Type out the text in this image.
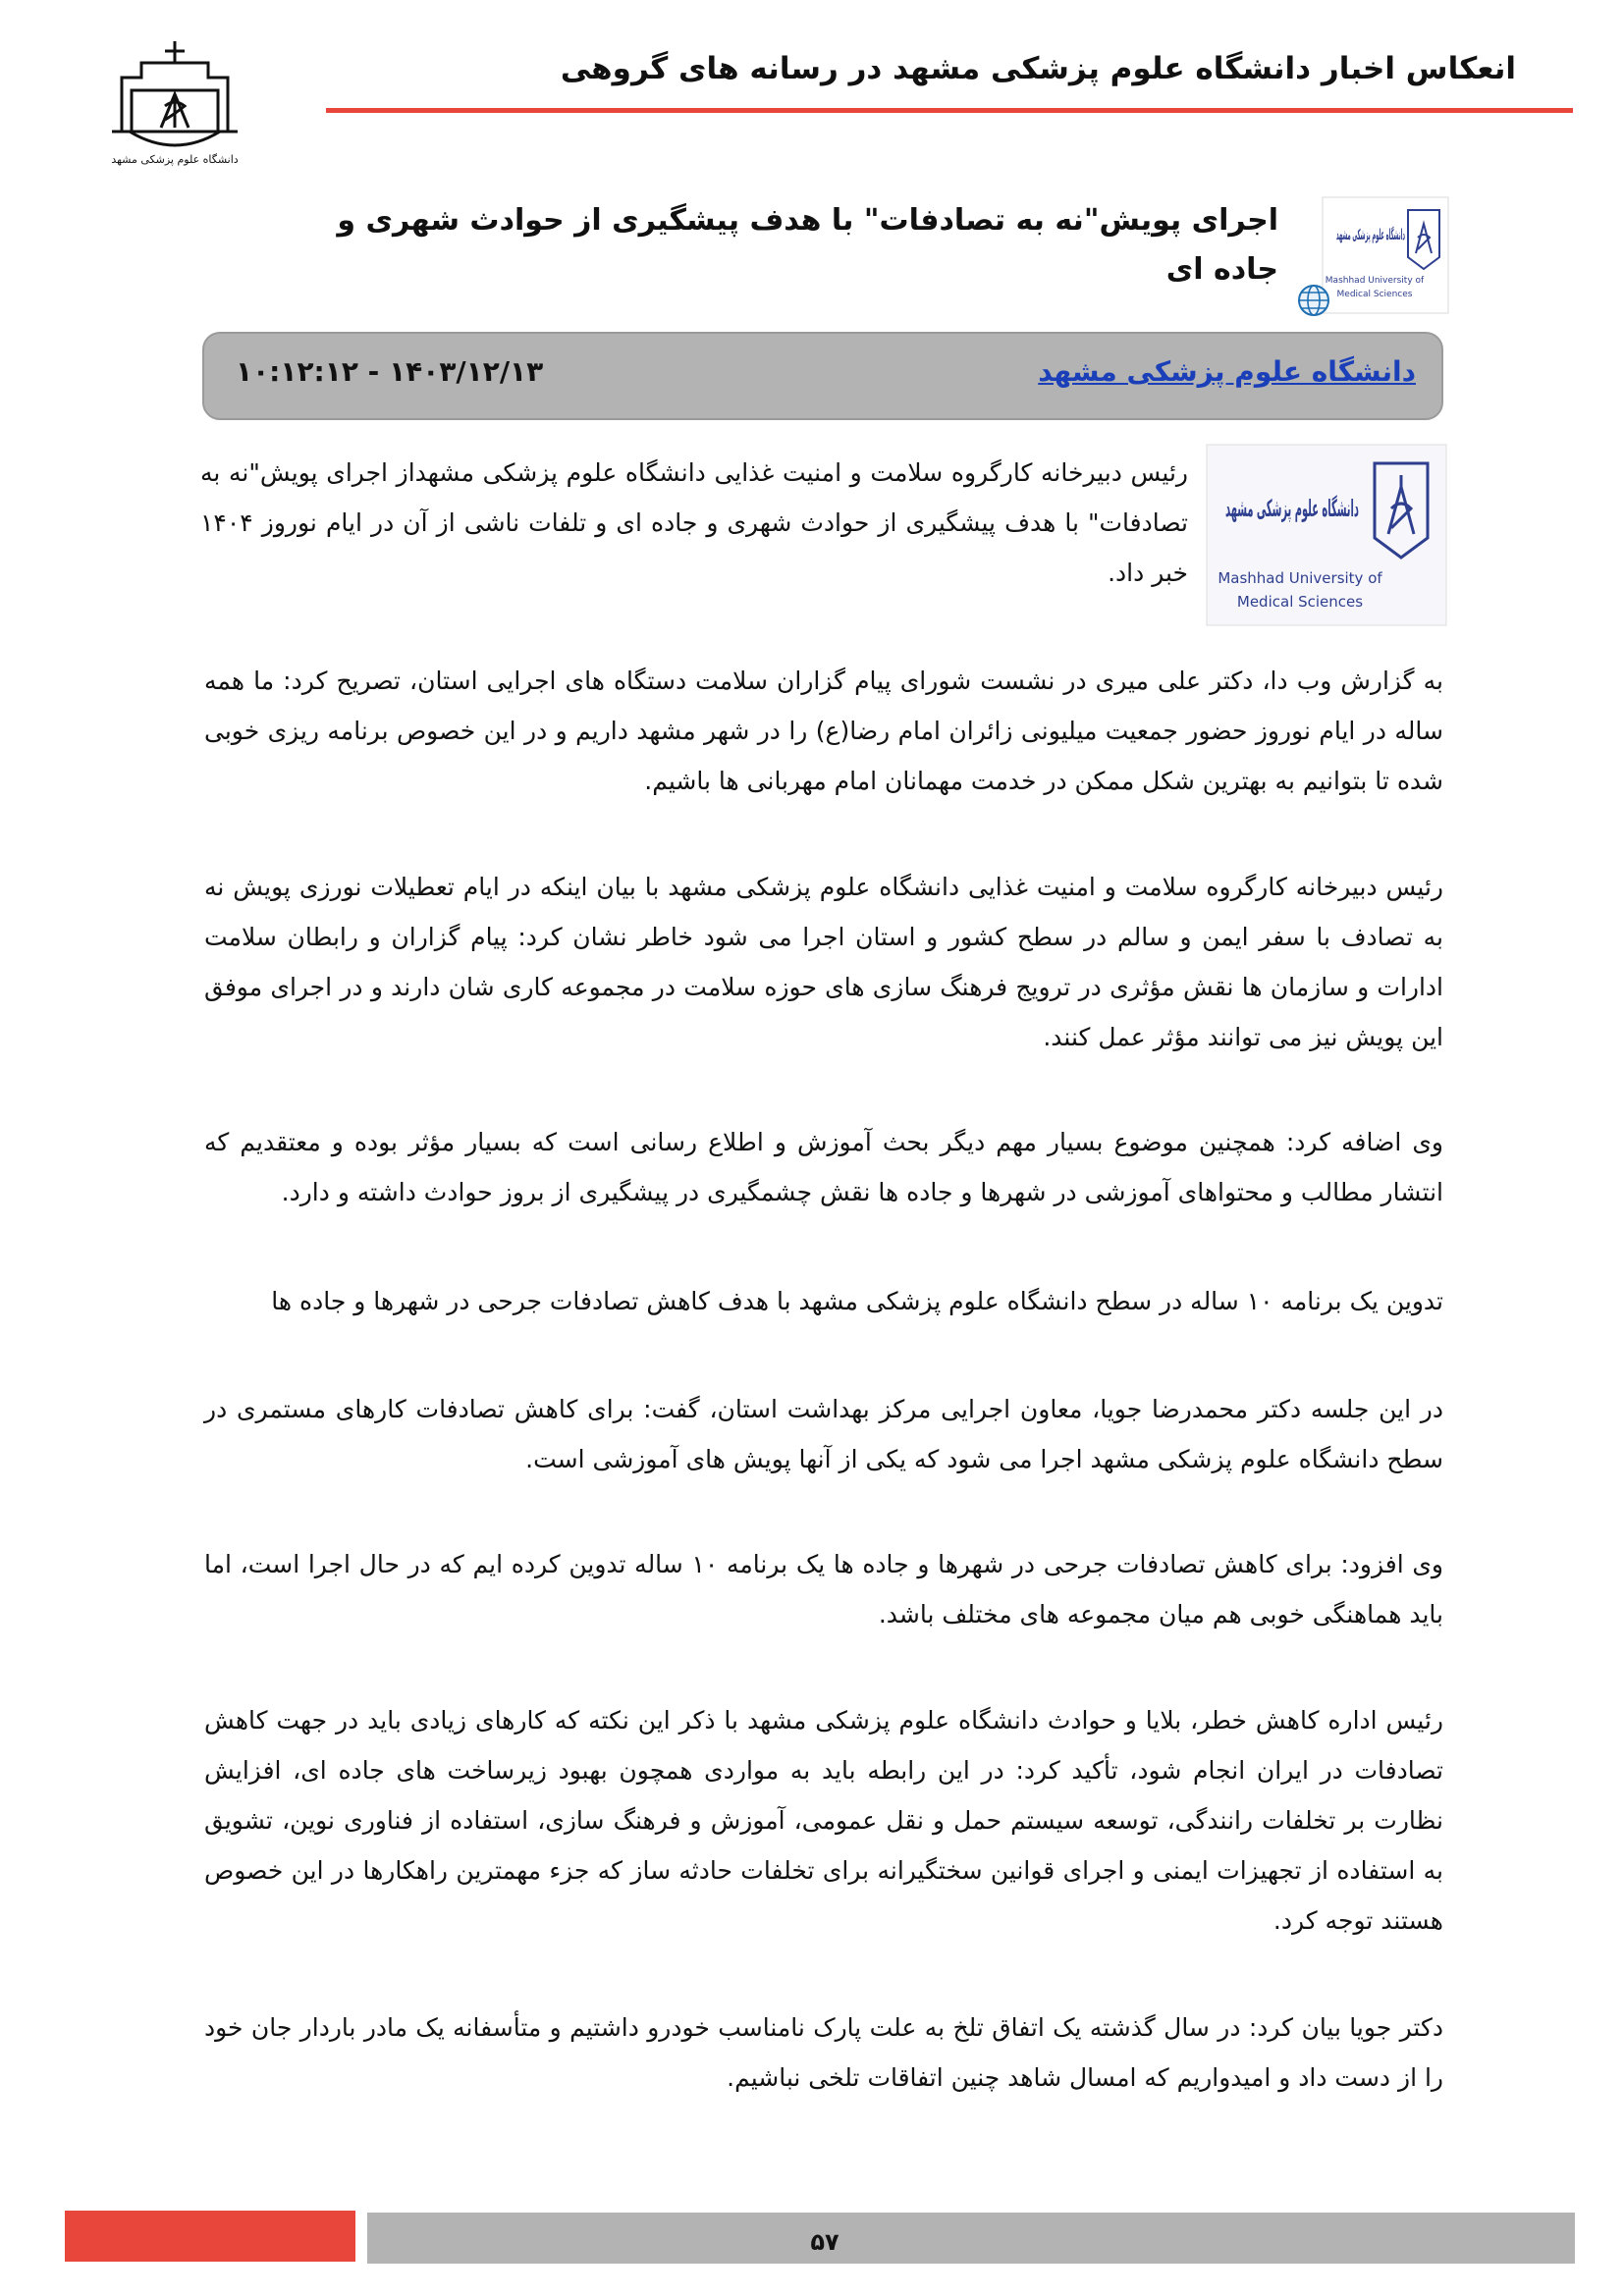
دانشگاه علوم پزشکی مشهد
انعکاس اخبار دانشگاه علوم پزشکی مشهد در رسانه های گروهی
Mashhad University of
Medical Sciences
اجرای پویش"نه به تصادفات" با هدف پیشگیری از حوادث شهری و جاده ای
دانشگاه علوم پزشکی مشهد
۱۴۰۳/۱۲/۱۳ - ۱۰:۱۲:۱۲
دانشگاه علوم پزشکی مشهد
Mashhad University of
Medical Sciences

رئیس دبیرخانه کارگروه سلامت و امنیت غذایی دانشگاه علوم پزشکی مشهداز اجرای پویش"نه به تصادفات" با هدف پیشگیری از حوادث شهری و جاده ای و تلفات ناشی از آن در ایام نوروز ۱۴۰۴ خبر داد.

به گزارش وب دا، دکتر علی میری در نشست شورای پیام گزاران سلامت دستگاه های اجرایی استان، تصریح کرد: ما همه ساله در ایام نوروز حضور جمعیت میلیونی زائران امام رضا(ع) را در شهر مشهد داریم و در این خصوص برنامه ریزی خوبی شده تا بتوانیم به بهترین شکل ممکن در خدمت مهمانان امام مهربانی ها باشیم.

رئیس دبیرخانه کارگروه سلامت و امنیت غذایی دانشگاه علوم پزشکی مشهد با بیان اینکه در ایام تعطیلات نورزی پویش نه به تصادف با سفر ایمن و سالم در سطح کشور و استان اجرا می شود خاطر نشان کرد: پیام گزاران و رابطان سلامت ادارات و سازمان ها نقش مؤثری در ترویج فرهنگ سازی های حوزه سلامت در مجموعه کاری شان دارند و در اجرای موفق این پویش نیز می توانند مؤثر عمل کنند.

وی اضافه کرد: همچنین موضوع بسیار مهم دیگر بحث آموزش و اطلاع رسانی است که بسیار مؤثر بوده و معتقدیم که انتشار مطالب و محتواهای آموزشی در شهرها و جاده ها نقش چشمگیری در پیشگیری از بروز حوادث داشته و دارد.

تدوین یک برنامه ۱۰ ساله در سطح دانشگاه علوم پزشکی مشهد با هدف کاهش تصادفات جرحی در شهرها و جاده ها

در این جلسه دکتر محمدرضا جویا، معاون اجرایی مرکز بهداشت استان، گفت: برای کاهش تصادفات کارهای مستمری در سطح دانشگاه علوم پزشکی مشهد اجرا می شود که یکی از آنها پویش های آموزشی است.

وی افزود: برای کاهش تصادفات جرحی در شهرها و جاده ها یک برنامه ۱۰ ساله تدوین کرده ایم که در حال اجرا است، اما باید هماهنگی خوبی هم میان مجموعه های مختلف باشد.

رئیس اداره کاهش خطر، بلایا و حوادث دانشگاه علوم پزشکی مشهد با ذکر این نکته که کارهای زیادی باید در جهت کاهش تصادفات در ایران انجام شود، تأکید کرد: در این رابطه باید به مواردی همچون بهبود زیرساخت های جاده ای، افزایش نظارت بر تخلفات رانندگی، توسعه سیستم حمل و نقل عمومی، آموزش و فرهنگ سازی، استفاده از فناوری نوین، تشویق به استفاده از تجهیزات ایمنی و اجرای قوانین سختگیرانه برای تخلفات حادثه ساز که جزء مهمترین راهکارها در این خصوص هستند توجه کرد.

دکتر جویا بیان کرد: در سال گذشته یک اتفاق تلخ به علت پارک نامناسب خودرو داشتیم و متأسفانه یک مادر باردار جان خود را از دست داد و امیدواریم که امسال شاهد چنین اتفاقات تلخی نباشیم.

۵۷
